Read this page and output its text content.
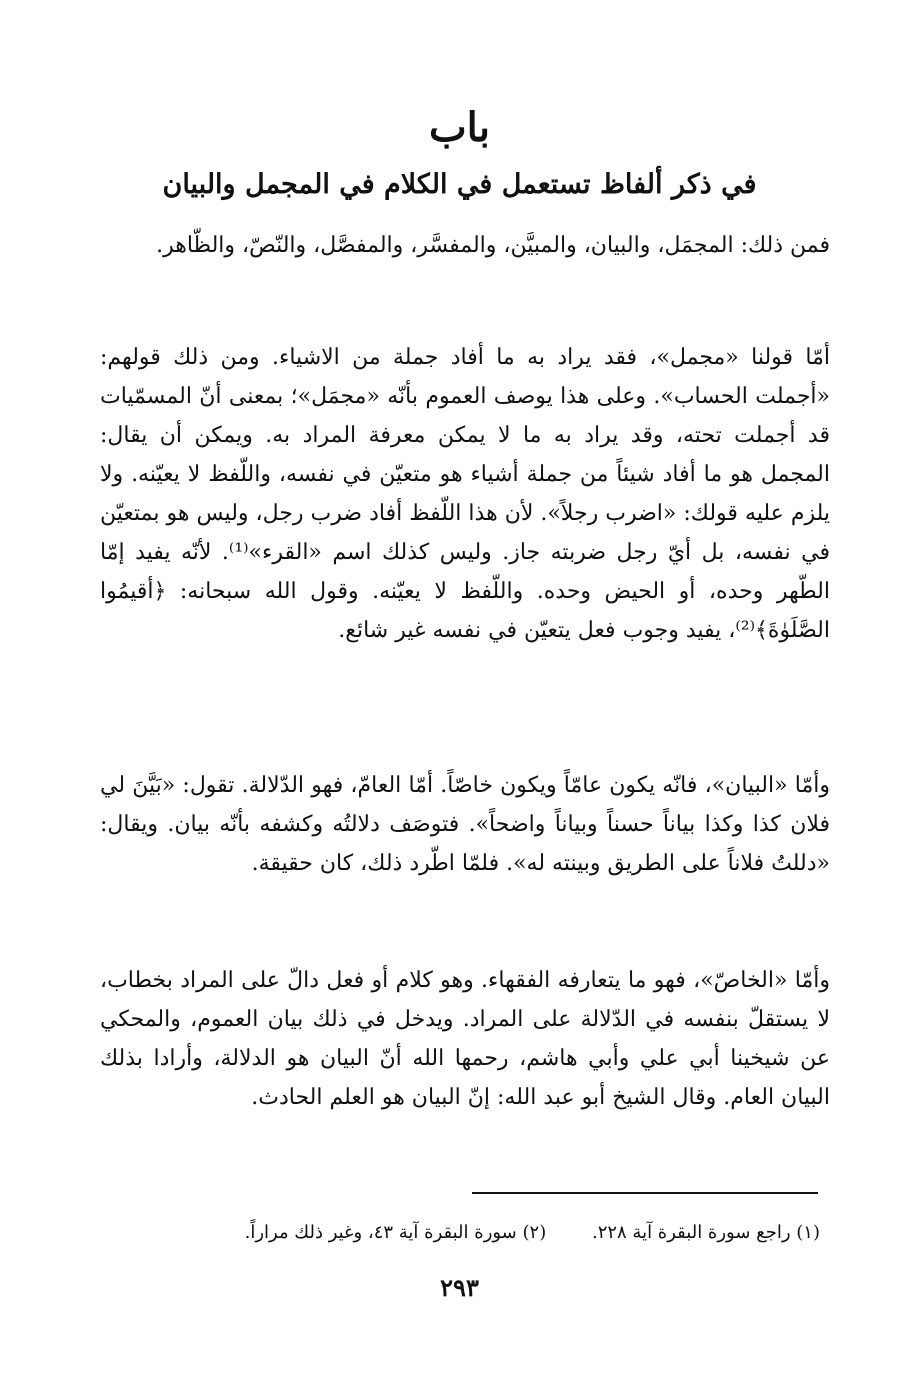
باب
في ذكر ألفاظ تستعمل في الكلام في المجمل والبيان

فمن ذلك: المجمَل، والبيان، والمبيَّن، والمفسَّر، والمفصَّل، والنّصّ، والظّاهر.

أمّا قولنا «مجمل»، فقد يراد به ما أفاد جملة من الاشياء. ومن ذلك قولهم: «أجملت الحساب». وعلى هذا يوصف العموم بأنّه «مجمَل»؛ بمعنى أنّ المسمّيات قد أجملت تحته، وقد يراد به ما لا يمكن معرفة المراد به. ويمكن أن يقال: المجمل هو ما أفاد شيئاً من جملة أشياء هو متعيّن في نفسه، واللّفظ لا يعيّنه. ولا يلزم عليه قولك: «اضرب رجلاً». لأن هذا اللّفظ أفاد ضرب رجل، وليس هو بمتعيّن في نفسه، بل أيّ رجل ضربته جاز. وليس كذلك اسم «القرء»⁽¹⁾. لأنّه يفيد إمّا الطّهر وحده، أو الحيض وحده. واللّفظ لا يعيّنه. وقول الله سبحانه: ﴿أقيمُوا الصَّلَوٰةَ﴾⁽²⁾، يفيد وجوب فعل يتعيّن في نفسه غير شائع.

وأمّا «البيان»، فانّه يكون عامّاً ويكون خاصّاً. أمّا العامّ، فهو الدّلالة. تقول: «بَيَّنَ لي فلان كذا وكذا بياناً حسناً وبياناً واضحاً». فتوصَف دلالتُه وكشفه بأنّه بيان. ويقال: «دللتُ فلاناً على الطريق وبينته له». فلمّا اطّرد ذلك، كان حقيقة.

وأمّا «الخاصّ»، فهو ما يتعارفه الفقهاء. وهو كلام أو فعل دالّ على المراد بخطاب، لا يستقلّ بنفسه في الدّلالة على المراد. ويدخل في ذلك بيان العموم، والمحكي عن شيخينا أبي علي وأبي هاشم، رحمها الله أنّ البيان هو الدلالة، وأرادا بذلك البيان العام. وقال الشيخ أبو عبد الله: إنّ البيان هو العلم الحادث.

(١) راجع سورة البقرة آية ٢٢٨. (٢) سورة البقرة آية ٤٣، وغير ذلك مراراً.
٢٩٣
